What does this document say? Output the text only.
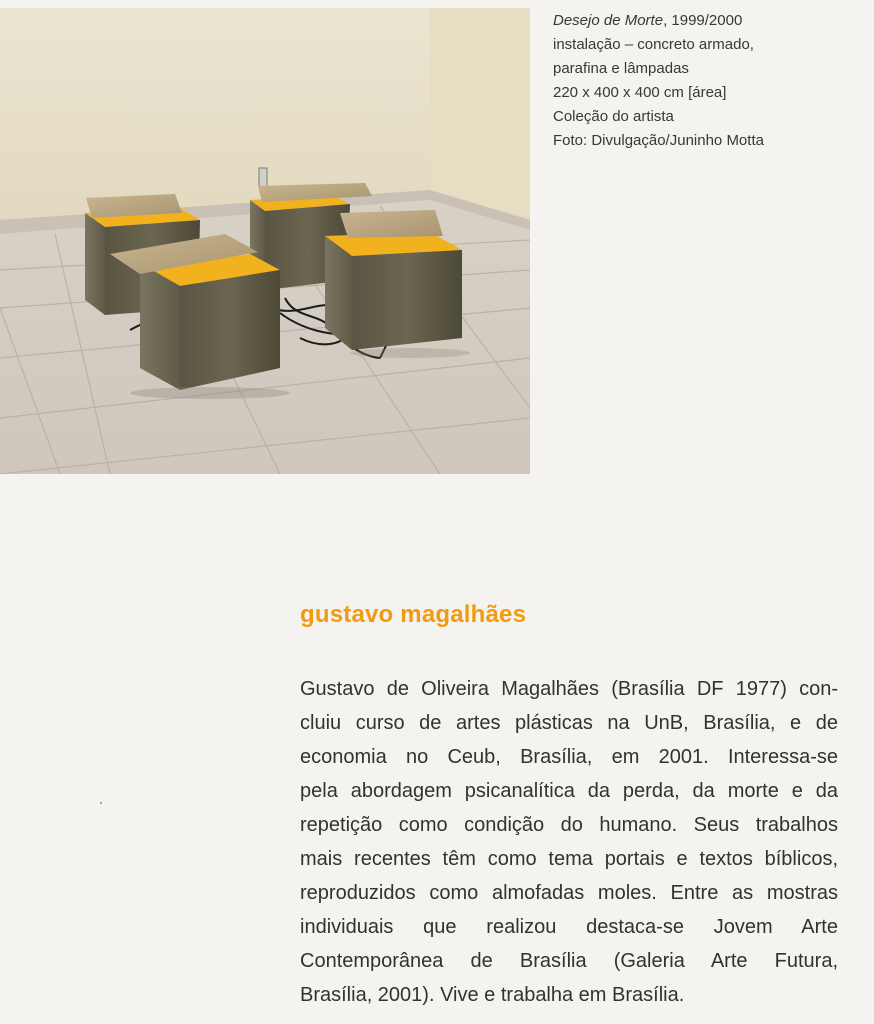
Desejo de Morte, 1999/2000
instalação – concreto armado,
parafina e lâmpadas
220 x 400 x 400 cm [área]
Coleção do artista
Foto: Divulgação/Juninho Motta
gustavo magalhães
Gustavo de Oliveira Magalhães (Brasília DF 1977) con-
cluiu curso de artes plásticas na UnB, Brasília, e de
economia no Ceub, Brasília, em 2001. Interessa-se
pela abordagem psicanalítica da perda, da morte e da
repetição como condição do humano. Seus trabalhos
mais recentes têm como tema portais e textos bíblicos,
reproduzidos como almofadas moles. Entre as mostras
individuais que realizou destaca-se Jovem Arte
Contemporânea de Brasília (Galeria Arte Futura,
Brasília, 2001). Vive e trabalha em Brasília.
